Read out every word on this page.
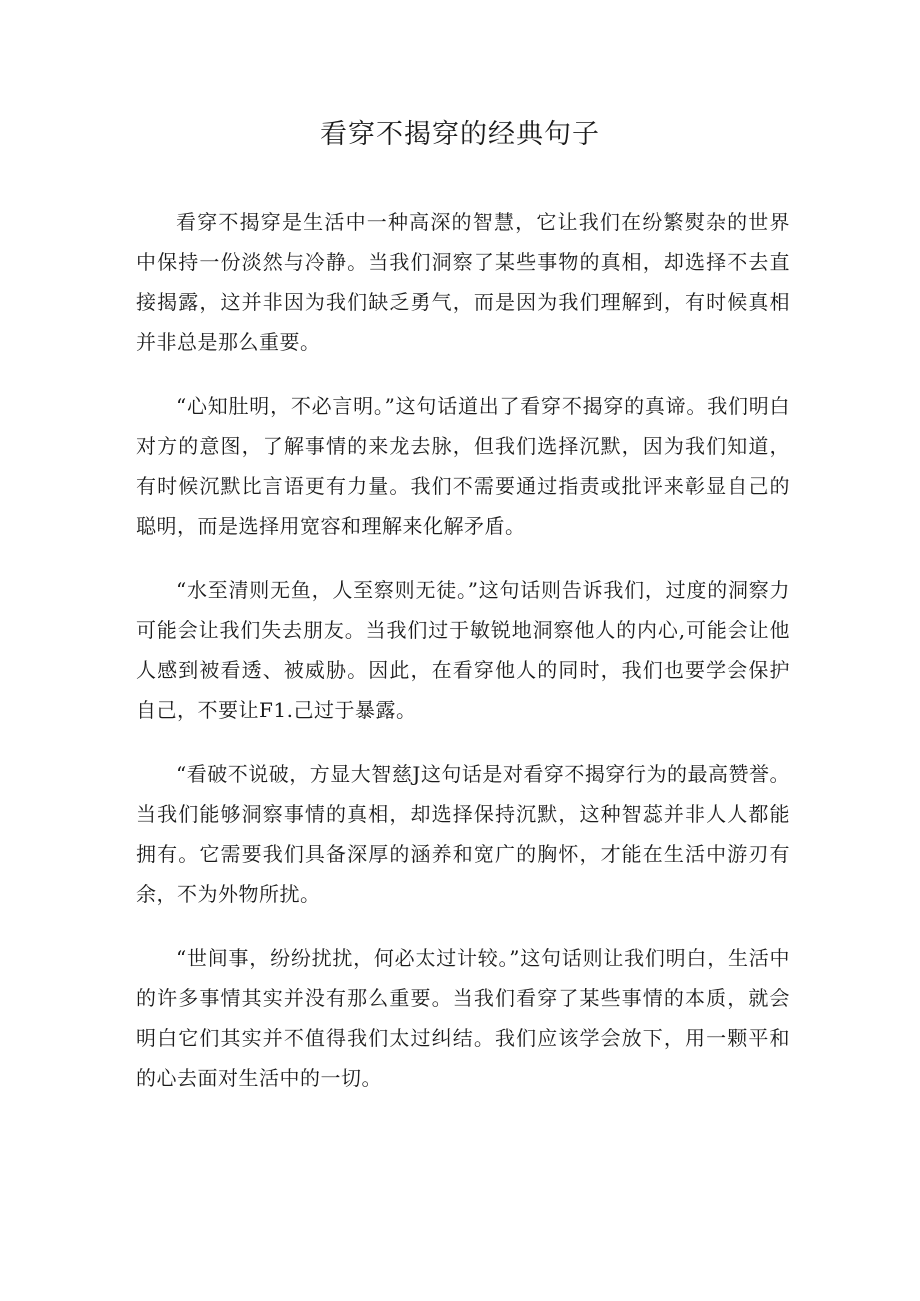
看穿不揭穿的经典句子

看穿不揭穿是生活中一种高深的智慧，它让我们在纷繁熨杂的世界中保持一份淡然与冷静。当我们洞察了某些事物的真相，却选择不去直接揭露，这并非因为我们缺乏勇气，而是因为我们理解到，有时候真相并非总是那么重要。

“心知肚明，不必言明。”这句话道出了看穿不揭穿的真谛。我们明白对方的意图，了解事情的来龙去脉，但我们选择沉默，因为我们知道，有时候沉默比言语更有力量。我们不需要通过指责或批评来彰显自己的聪明，而是选择用宽容和理解来化解矛盾。

“水至清则无鱼，人至察则无徒。”这句话则告诉我们，过度的洞察力可能会让我们失去朋友。当我们过于敏锐地洞察他人的内心,可能会让他人感到被看透、被威胁。因此，在看穿他人的同时，我们也要学会保护自己，不要让F1.己过于暴露。

“看破不说破，方显大智慈J这句话是对看穿不揭穿行为的最高赞誉。当我们能够洞察事情的真相，却选择保持沉默，这种智蕊并非人人都能拥有。它需要我们具备深厚的涵养和宽广的胸怀，才能在生活中游刃有余，不为外物所扰。

“世间事，纷纷扰扰，何必太过计较。”这句话则让我们明白，生活中的许多事情其实并没有那么重要。当我们看穿了某些事情的本质，就会明白它们其实并不值得我们太过纠结。我们应该学会放下，用一颗平和的心去面对生活中的一切。
